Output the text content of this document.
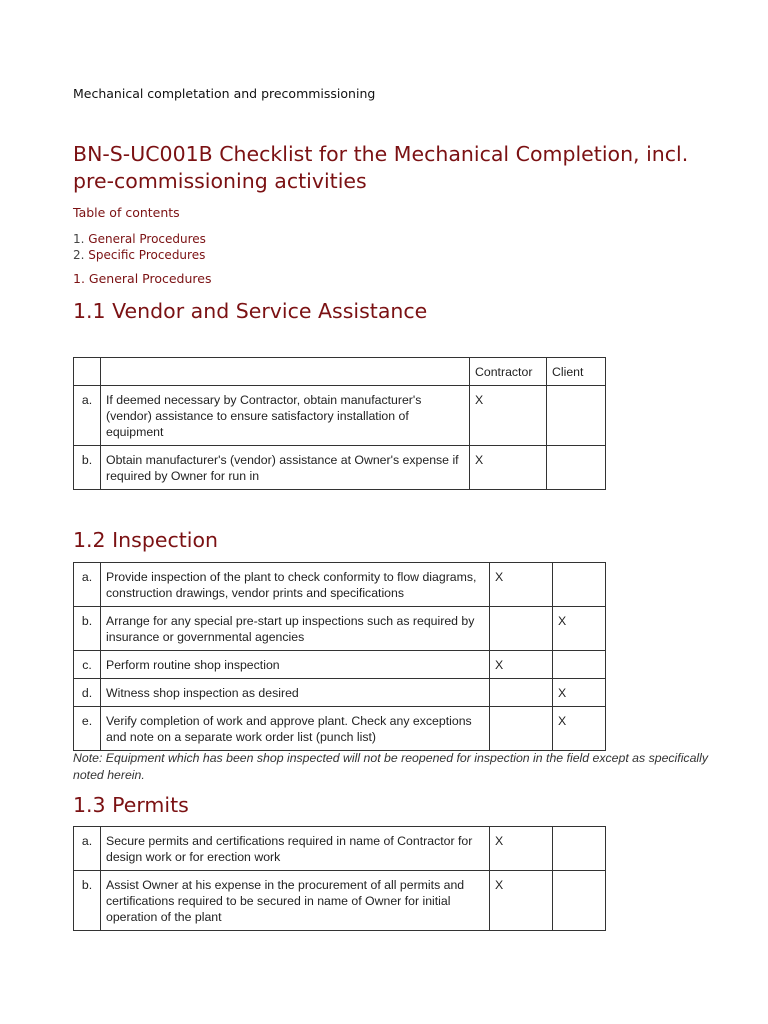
Mechanical completation and precommissioning
BN-S-UC001B Checklist for the Mechanical Completion, incl. pre-commissioning activities
Table of contents
1. General Procedures
2. Specific Procedures
1. General Procedures
1.1 Vendor and Service Assistance
		Contractor	Client
a.	If deemed necessary by Contractor, obtain manufacturer's (vendor) assistance to ensure satisfactory installation of equipment	X	
b.	Obtain manufacturer's (vendor) assistance at Owner's expense if required by Owner for run in	X	
1.2 Inspection
a.	Provide inspection of the plant to check conformity to flow diagrams, construction drawings, vendor prints and specifications	X	
b.	Arrange for any special pre-start up inspections such as required by insurance or governmental agencies		X
c.	Perform routine shop inspection	X	
d.	Witness shop inspection as desired		X
e.	Verify completion of work and approve plant. Check any exceptions and note on a separate work order list (punch list)		X
Note: Equipment which has been shop inspected will not be reopened for inspection in the field except as specifically noted herein.
1.3 Permits
a.	Secure permits and certifications required in name of Contractor for design work or for erection work	X	
b.	Assist Owner at his expense in the procurement of all permits and certifications required to be secured in name of Owner for initial operation of the plant	X	
